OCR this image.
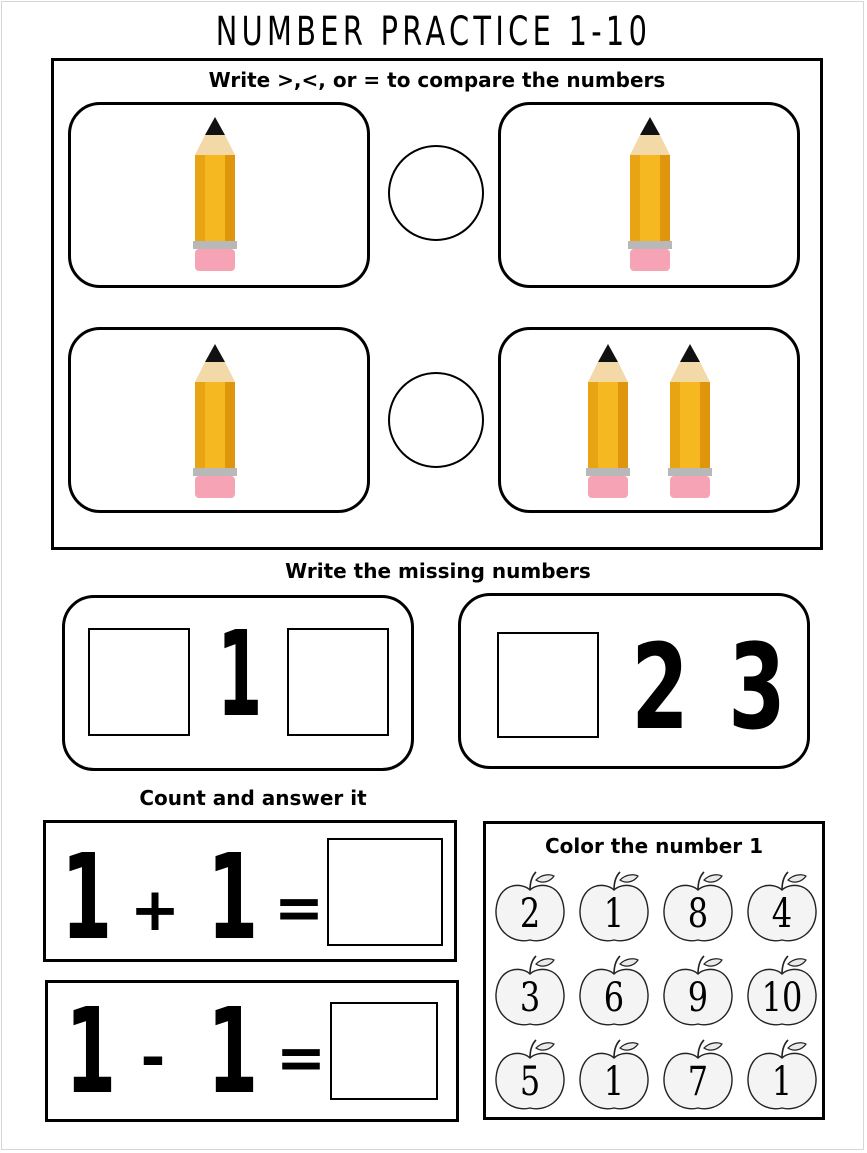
NUMBER PRACTICE 1-10
Write >,<, or = to compare the numbers
Write the missing numbers
1	2 3
Count and answer it
1 + 1 =
1 - 1 =
Color the number 1
2	1	8	4
3	6	9	10
5	1	7	1
